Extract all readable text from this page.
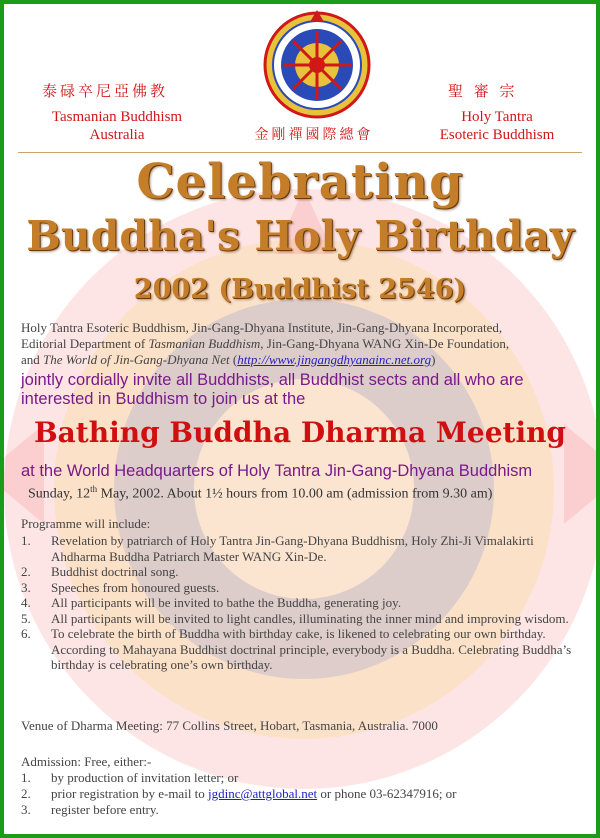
泰碌卒尼亞佛教
Tasmanian Buddhism
Australia	金剛禪國際總會
聖 審 宗
Holy Tantra
Esoteric Buddhism
Celebrating
Buddha's Holy Birthday
2002 (Buddhist 2546)
Holy Tantra Esoteric Buddhism, Jin-Gang-Dhyana Institute, Jin-Gang-Dhyana Incorporated,
Editorial Department of Tasmanian Buddhism, Jin-Gang-Dhyana WANG Xin-De Foundation,
and The World of Jin-Gang-Dhyana Net (http://www.jingangdhyanainc.net.org)
jointly cordially invite all Buddhists, all Buddhist sects and all who are
interested in Buddhism to join us at the
Bathing Buddha Dharma Meeting
at the World Headquarters of Holy Tantra Jin-Gang-Dhyana Buddhism
Sunday, 12th May, 2002. About 1½ hours from 10.00 am (admission from 9.30 am)
Programme will include:
1.	Revelation by patriarch of Holy Tantra Jin-Gang-Dhyana Buddhism, Holy Zhi-Ji Vimalakirti Ahdharma Buddha Patriarch Master WANG Xin-De.
2.	Buddhist doctrinal song.
3.	Speeches from honoured guests.
4.	All participants will be invited to bathe the Buddha, generating joy.
5.	All participants will be invited to light candles, illuminating the inner mind and improving wisdom.
6.	To celebrate the birth of Buddha with birthday cake, is likened to celebrating our own birthday. According to Mahayana Buddhist doctrinal principle, everybody is a Buddha. Celebrating Buddha’s birthday is celebrating one’s own birthday.
Venue of Dharma Meeting: 77 Collins Street, Hobart, Tasmania, Australia. 7000
Admission: Free, either:-
1.	by production of invitation letter; or
2.	prior registration by e-mail to jgdinc@attglobal.net or phone 03-62347916; or
3.	register before entry.
